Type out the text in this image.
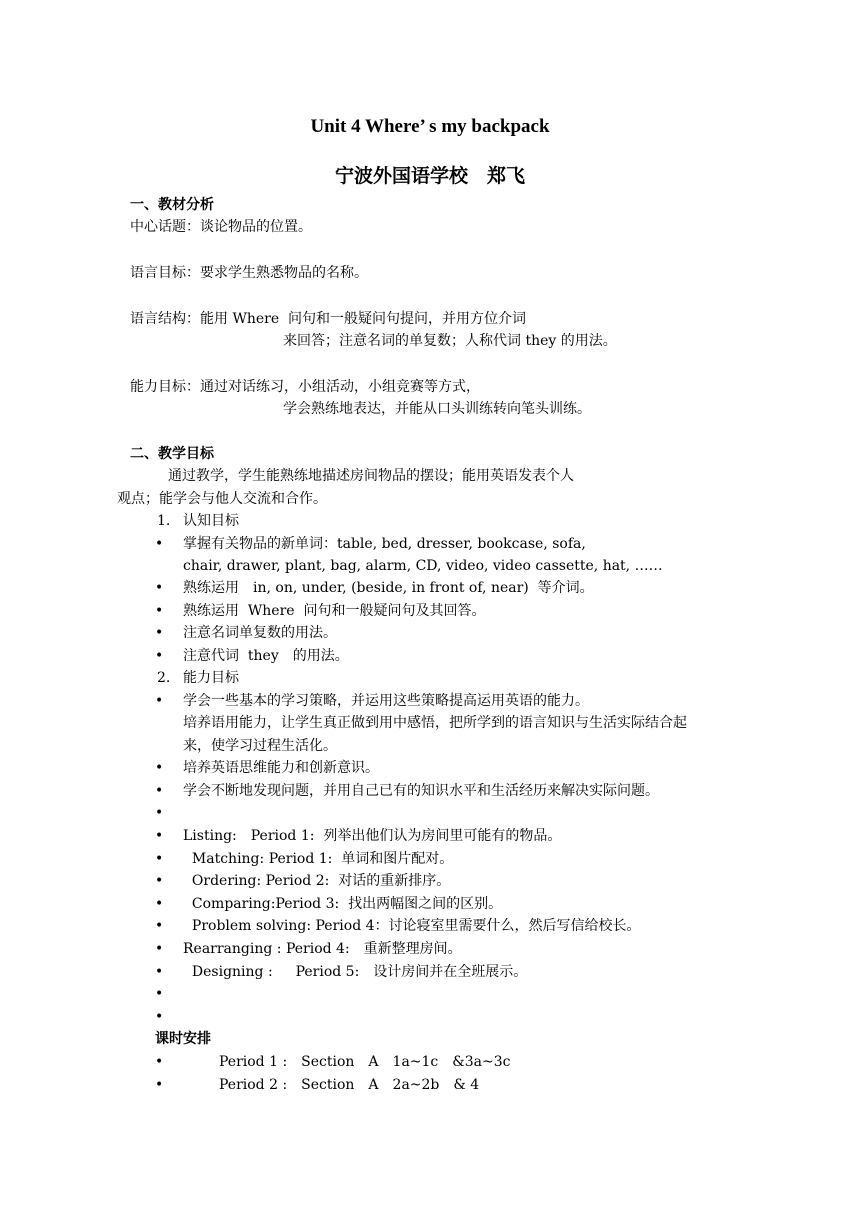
Unit 4 Where’ s my backpack
宁波外国语学校　郑飞
一、教材分析
中心话题：谈论物品的位置。
语言目标：要求学生熟悉物品的名称。
语言结构：能用 Where  问句和一般疑问句提问，并用方位介词
来回答；注意名词的单复数；人称代词 they 的用法。
能力目标：通过对话练习，小组活动，小组竞赛等方式，
学会熟练地表达，并能从口头训练转向笔头训练。
二、教学目标
通过教学，学生能熟练地描述房间物品的摆设；能用英语发表个人
观点；能学会与他人交流和合作。
1. 认知目标
• 掌握有关物品的新单词：table, bed, dresser, bookcase, sofa,
chair, drawer, plant, bag, alarm, CD, video, video cassette, hat, ……
• 熟练运用　in, on, under, (beside, in front of, near)  等介词。
• 熟练运用  Where  问句和一般疑问句及其回答。
• 注意名词单复数的用法。
• 注意代词  they　的用法。
2. 能力目标
• 学会一些基本的学习策略，并运用这些策略提高运用英语的能力。
培养语用能力，让学生真正做到用中感悟，把所学到的语言知识与生活实际结合起
来，使学习过程生活化。
• 培养英语思维能力和创新意识。
• 学会不断地发现问题，并用自己已有的知识水平和生活经历来解决实际问题。
•
• Listing:　Period 1:  列举出他们认为房间里可能有的物品。
• Matching: Period 1:  单词和图片配对。
• Ordering: Period 2:  对话的重新排序。
• Comparing:Period 3:  找出两幅图之间的区别。
• Problem solving: Period 4：讨论寝室里需要什么，然后写信给校长。
• Rearranging : Period 4:　重新整理房间。
• Designing :　  Period 5:　设计房间并在全班展示。
•
•
课时安排
•	Period 1 :　Section　A　1a~1c　&3a~3c
•	Period 2 :　Section　A　2a~2b　& 4
